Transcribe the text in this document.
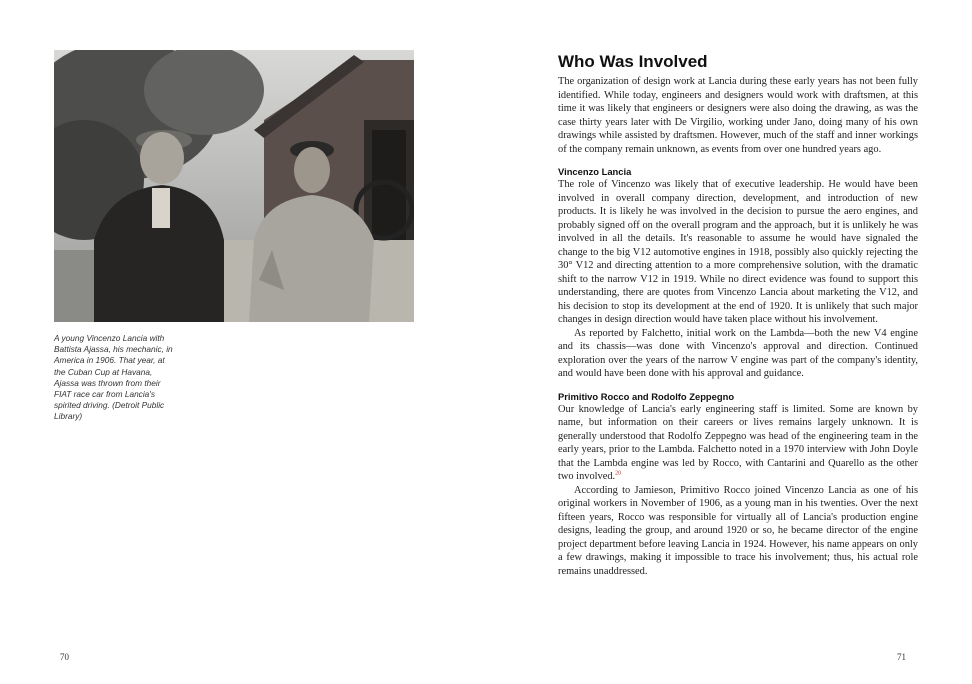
A young Vincenzo Lancia with Battista Ajassa, his mechanic, in America in 1906. That year, at the Cuban Cup at Havana, Ajassa was thrown from their FIAT race car from Lancia's spirited driving. (Detroit Public Library)
70
Who Was Involved

The organization of design work at Lancia during these early years has not been fully identified. While today, engineers and designers would work with draftsmen, at this time it was likely that engineers or designers were also doing the drawing, as was the case thirty years later with De Virgilio, working under Jano, doing many of his own drawings while assisted by draftsmen. However, much of the staff and inner workings of the company remain unknown, as events from over one hundred years ago.

Vincenzo Lancia

The role of Vincenzo was likely that of executive leadership. He would have been involved in overall company direction, development, and introduction of new products. It is likely he was involved in the decision to pursue the aero engines, and probably signed off on the overall program and the approach, but it is unlikely he was involved in all the details. It's reasonable to assume he would have signaled the change to the big V12 automotive engines in 1918, possibly also quickly rejecting the 30° V12 and directing attention to a more comprehensive solution, with the dramatic shift to the narrow V12 in 1919. While no direct evidence was found to support this understanding, there are quotes from Vincenzo Lancia about marketing the V12, and his decision to stop its development at the end of 1920. It is unlikely that such major changes in design direction would have taken place without his involvement.

As reported by Falchetto, initial work on the Lambda—both the new V4 engine and its chassis—was done with Vincenzo's approval and direction. Continued exploration over the years of the narrow V engine was part of the company's identity, and would have been done with his approval and guidance.

Primitivo Rocco and Rodolfo Zeppegno

Our knowledge of Lancia's early engineering staff is limited. Some are known by name, but information on their careers or lives remains largely unknown. It is generally understood that Rodolfo Zeppegno was head of the engineering team in the early years, prior to the Lambda. Falchetto noted in a 1970 interview with John Doyle that the Lambda engine was led by Rocco, with Cantarini and Quarello as the other two involved.$^{20}$

According to Jamieson, Primitivo Rocco joined Vincenzo Lancia as one of his original workers in November of 1906, as a young man in his twenties. Over the next fifteen years, Rocco was responsible for virtually all of Lancia's production engine designs, leading the group, and around 1920 or so, he became director of the engine project department before leaving Lancia in 1924. However, his name appears on only a few drawings, making it impossible to trace his involvement; thus, his actual role remains unaddressed.

71
